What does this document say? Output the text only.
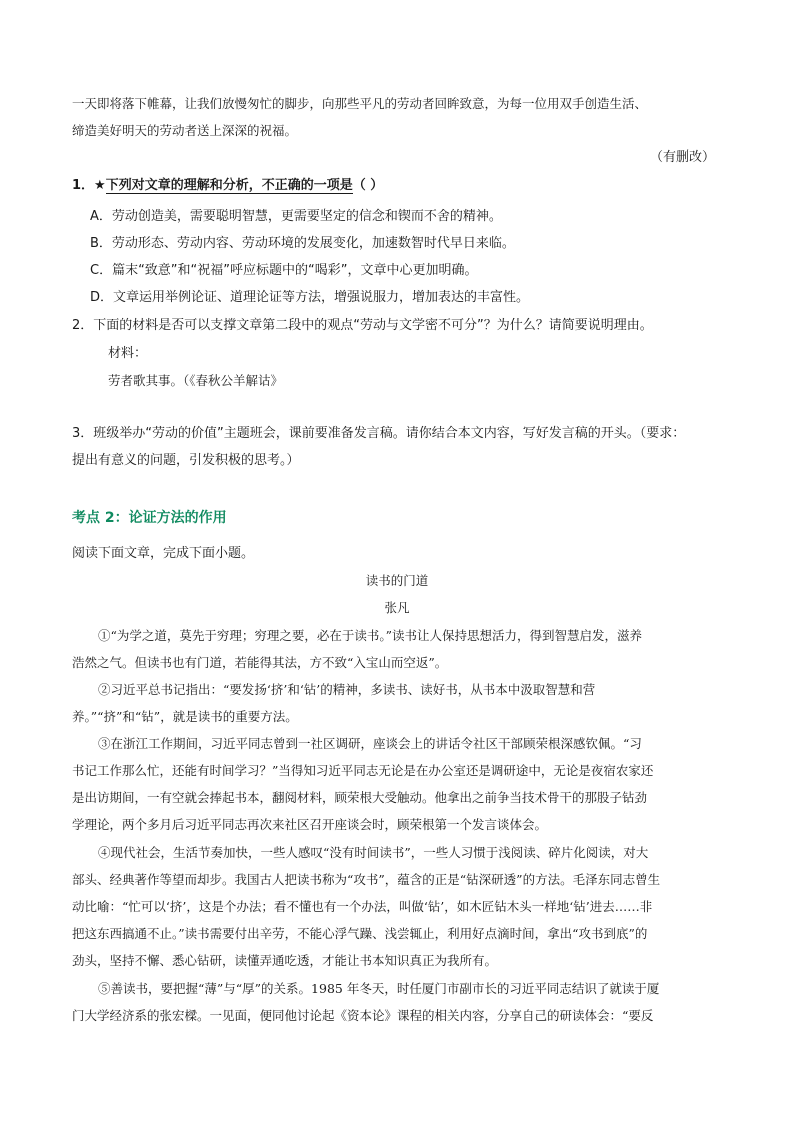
一天即将落下帷幕，让我们放慢匆忙的脚步，向那些平凡的劳动者回眸致意，为每一位用双手创造生活、

缔造美好明天的劳动者送上深深的祝福。

（有删改）

1．★下列对文章的理解和分析，不正确的一项是（ ）

A．劳动创造美，需要聪明智慧，更需要坚定的信念和锲而不舍的精神。

B．劳动形态、劳动内容、劳动环境的发展变化，加速数智时代早日来临。

C．篇末“致意”和“祝福”呼应标题中的“喝彩”，文章中心更加明确。

D．文章运用举例论证、道理论证等方法，增强说服力，增加表达的丰富性。

2．下面的材料是否可以支撑文章第二段中的观点“劳动与文学密不可分”？为什么？请简要说明理由。

材料：

劳者歌其事。（《春秋公羊解诂》

3．班级举办“劳动的价值”主题班会，课前要准备发言稿。请你结合本文内容，写好发言稿的开头。（要求：

提出有意义的问题，引发积极的思考。）

考点 2：论证方法的作用

阅读下面文章，完成下面小题。

读书的门道

张凡

①“为学之道，莫先于穷理；穷理之要，必在于读书。”读书让人保持思想活力，得到智慧启发，滋养

浩然之气。但读书也有门道，若能得其法，方不致“入宝山而空返”。

②习近平总书记指出：“要发扬‘挤’和‘钻’的精神，多读书、读好书，从书本中汲取智慧和营

养。”“挤”和“钻”，就是读书的重要方法。

③在浙江工作期间，习近平同志曾到一社区调研，座谈会上的讲话令社区干部顾荣根深感钦佩。“习

书记工作那么忙，还能有时间学习？”当得知习近平同志无论是在办公室还是调研途中，无论是夜宿农家还

是出访期间，一有空就会捧起书本，翻阅材料，顾荣根大受触动。他拿出之前争当技术骨干的那股子钻劲

学理论，两个多月后习近平同志再次来社区召开座谈会时，顾荣根第一个发言谈体会。

④现代社会，生活节奏加快，一些人感叹“没有时间读书”，一些人习惯于浅阅读、碎片化阅读，对大

部头、经典著作等望而却步。我国古人把读书称为“攻书”，蕴含的正是“钻深研透”的方法。毛泽东同志曾生

动比喻：“忙可以‘挤’，这是个办法；看不懂也有一个办法，叫做‘钻’，如木匠钻木头一样地‘钻’进去……非

把这东西搞通不止。”读书需要付出辛劳，不能心浮气躁、浅尝辄止，利用好点滴时间，拿出“攻书到底”的

劲头，坚持不懈、悉心钻研，读懂弄通吃透，才能让书本知识真正为我所有。

⑤善读书，要把握“薄”与“厚”的关系。1985 年冬天，时任厦门市副市长的习近平同志结识了就读于厦

门大学经济系的张宏樑。一见面，便同他讨论起《资本论》课程的相关内容，分享自己的研读体会：“要反
